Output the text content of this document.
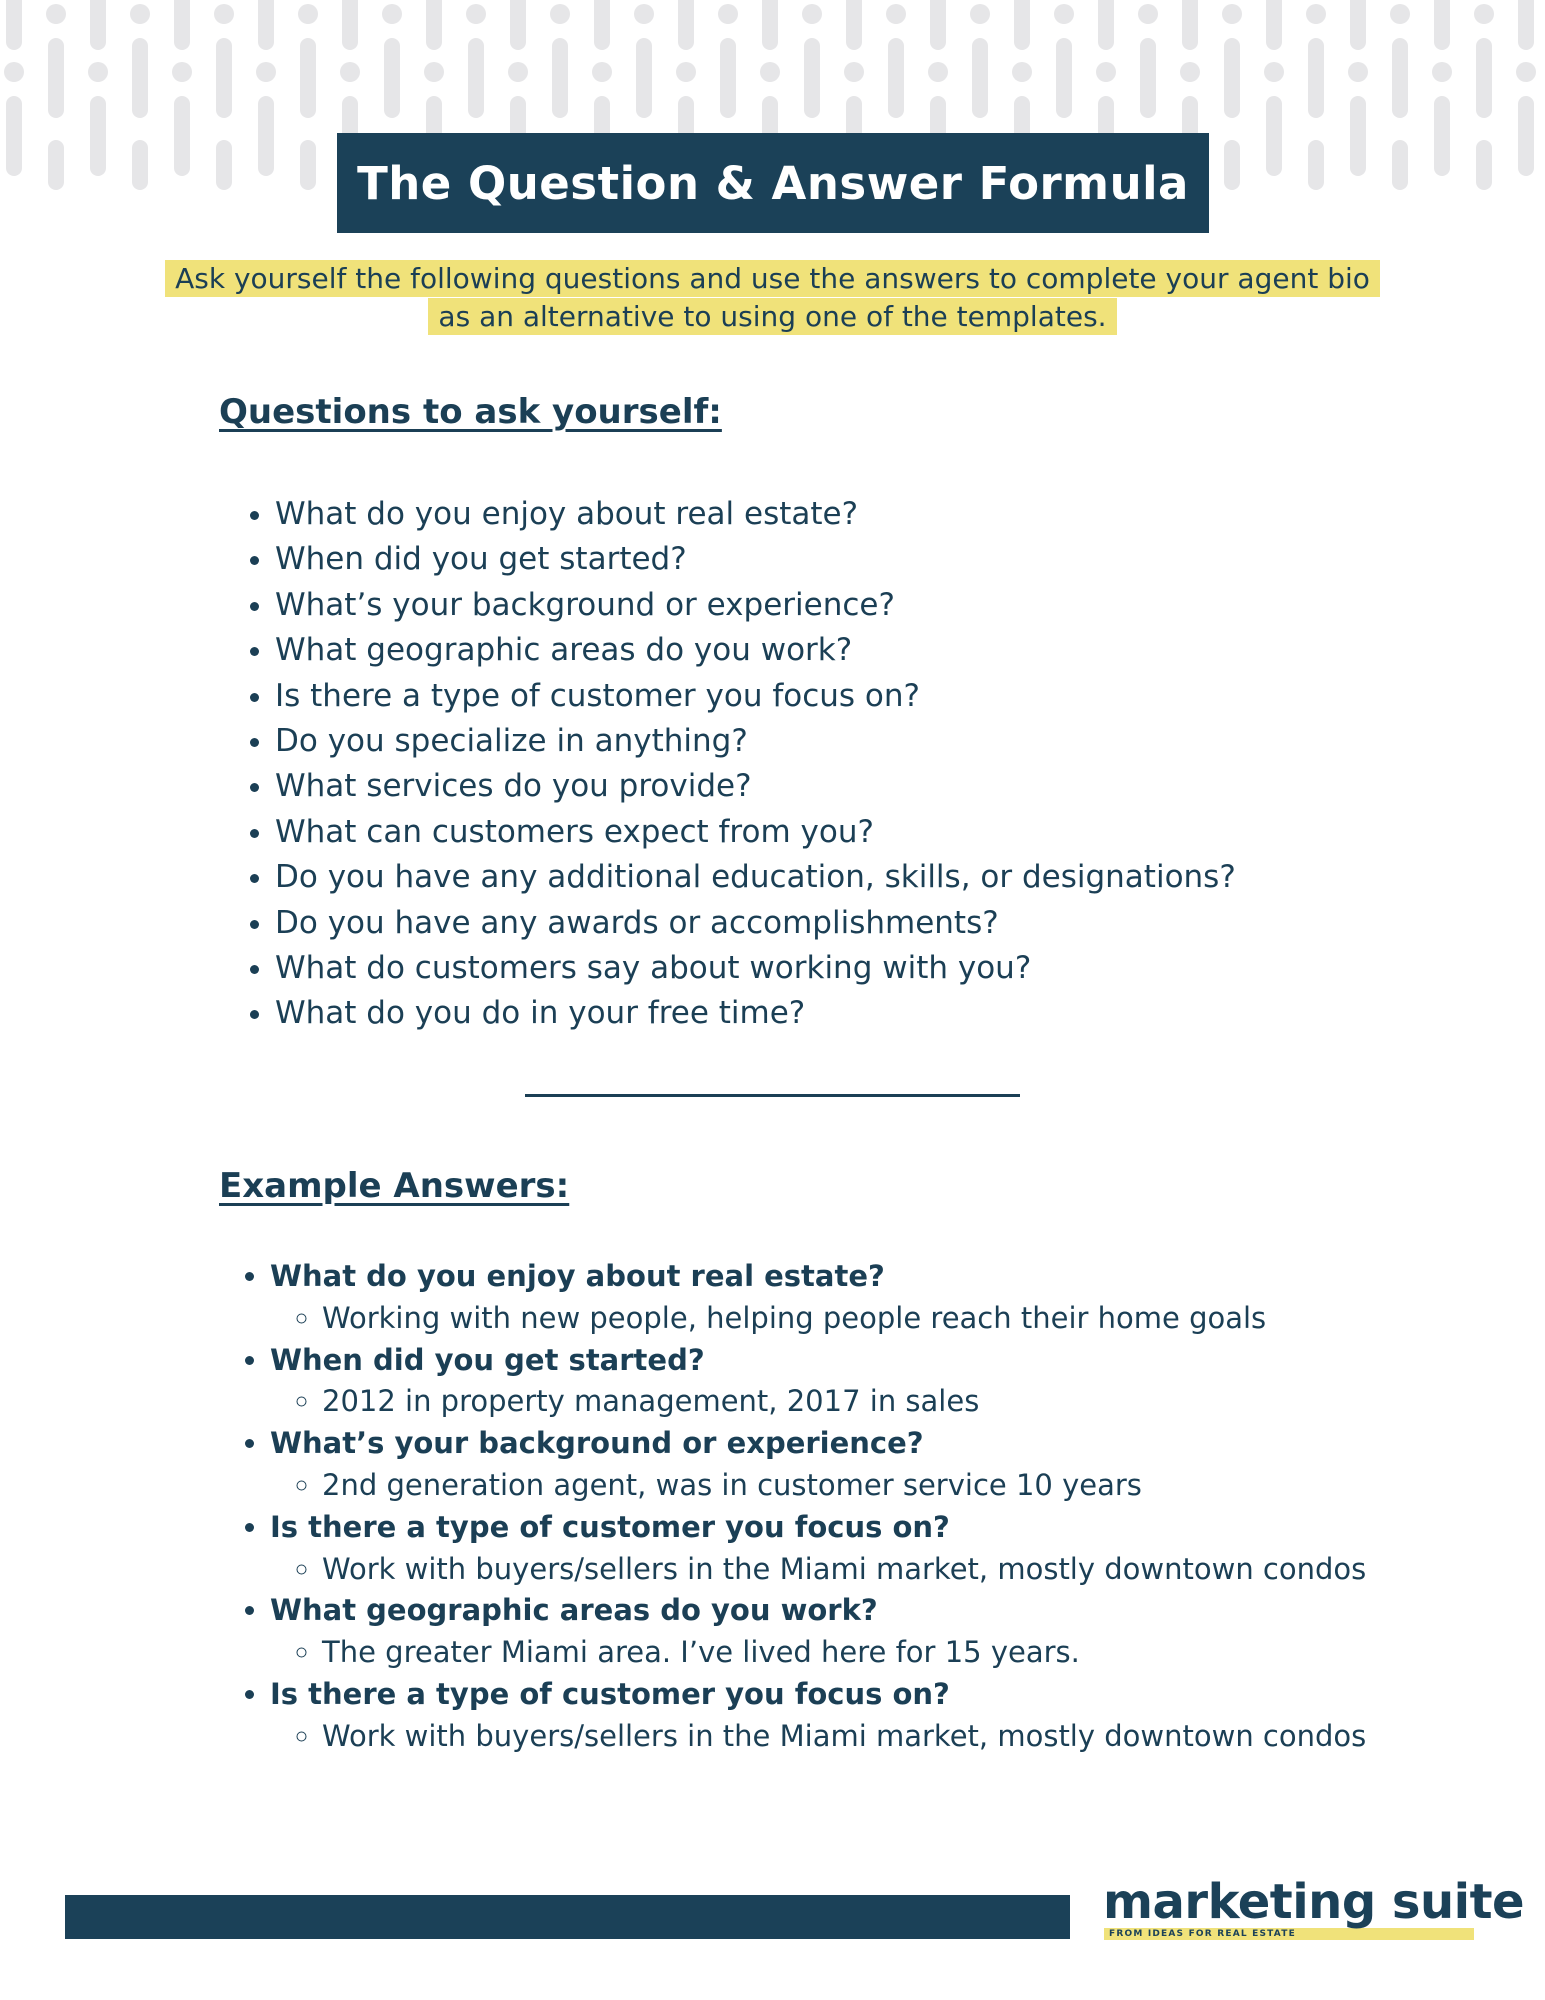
The Question & Answer Formula
Ask yourself the following questions and use the answers to complete your agent bio as an alternative to using one of the templates.
Questions to ask yourself:
• What do you enjoy about real estate?
• When did you get started?
• What’s your background or experience?
• What geographic areas do you work?
• Is there a type of customer you focus on?
• Do you specialize in anything?
• What services do you provide?
• What can customers expect from you?
• Do you have any additional education, skills, or designations?
• Do you have any awards or accomplishments?
• What do customers say about working with you?
• What do you do in your free time?
Example Answers:
• What do you enjoy about real estate?
◦ Working with new people, helping people reach their home goals
• When did you get started?
◦ 2012 in property management, 2017 in sales
• What’s your background or experience?
◦ 2nd generation agent, was in customer service 10 years
• Is there a type of customer you focus on?
◦ Work with buyers/sellers in the Miami market, mostly downtown condos
• What geographic areas do you work?
◦ The greater Miami area. I’ve lived here for 15 years.
• Is there a type of customer you focus on?
◦ Work with buyers/sellers in the Miami market, mostly downtown condos
marketing suite
FROM IDEAS FOR REAL ESTATE
